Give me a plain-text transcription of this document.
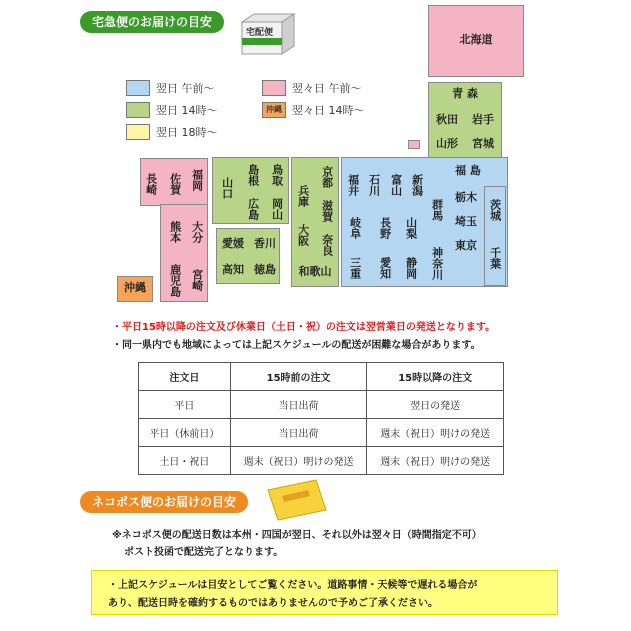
宅急便のお届けの目安
宅配便
翌日 午前～	翌々日 午前～
翌日 14時～	沖縄 翌々日 14時～
翌日 18時～
北海道
青 森
秋田	岩手
山形	宮城
福 島
福井 石川 富山 新潟
岐阜 長野 山梨
三重 愛知 静岡
群馬
栃木
埼玉
東京
神奈川
茨城
千葉
京都
兵庫
滋賀
大阪 奈良
和歌山
山口
島根 鳥取
広島 岡山
愛媛 香川
高知 徳島
長崎 佐賀 福岡
熊本 大分
鹿児島 宮崎
沖縄
・平日15時以降の注文及び休業日（土日・祝）の注文は翌営業日の発送となります。
・同一県内でも地域によっては上記スケジュールの配送が困難な場合があります。
注文日	15時前の注文	15時以降の注文
平日	当日出荷	翌日の発送
平日（休前日）	当日出荷	週末（祝日）明けの発送
土日・祝日	週末（祝日）明けの発送	週末（祝日）明けの発送
ネコポス便のお届けの目安
※ネコポス便の配送日数は本州・四国が翌日、それ以外は翌々日（時間指定不可）
ポスト投函で配送完了となります。
・上記スケジュールは目安としてご覧ください。道路事情・天候等で遅れる場合が
あり、配送日時を確約するものではありませんので予めご了承ください。
